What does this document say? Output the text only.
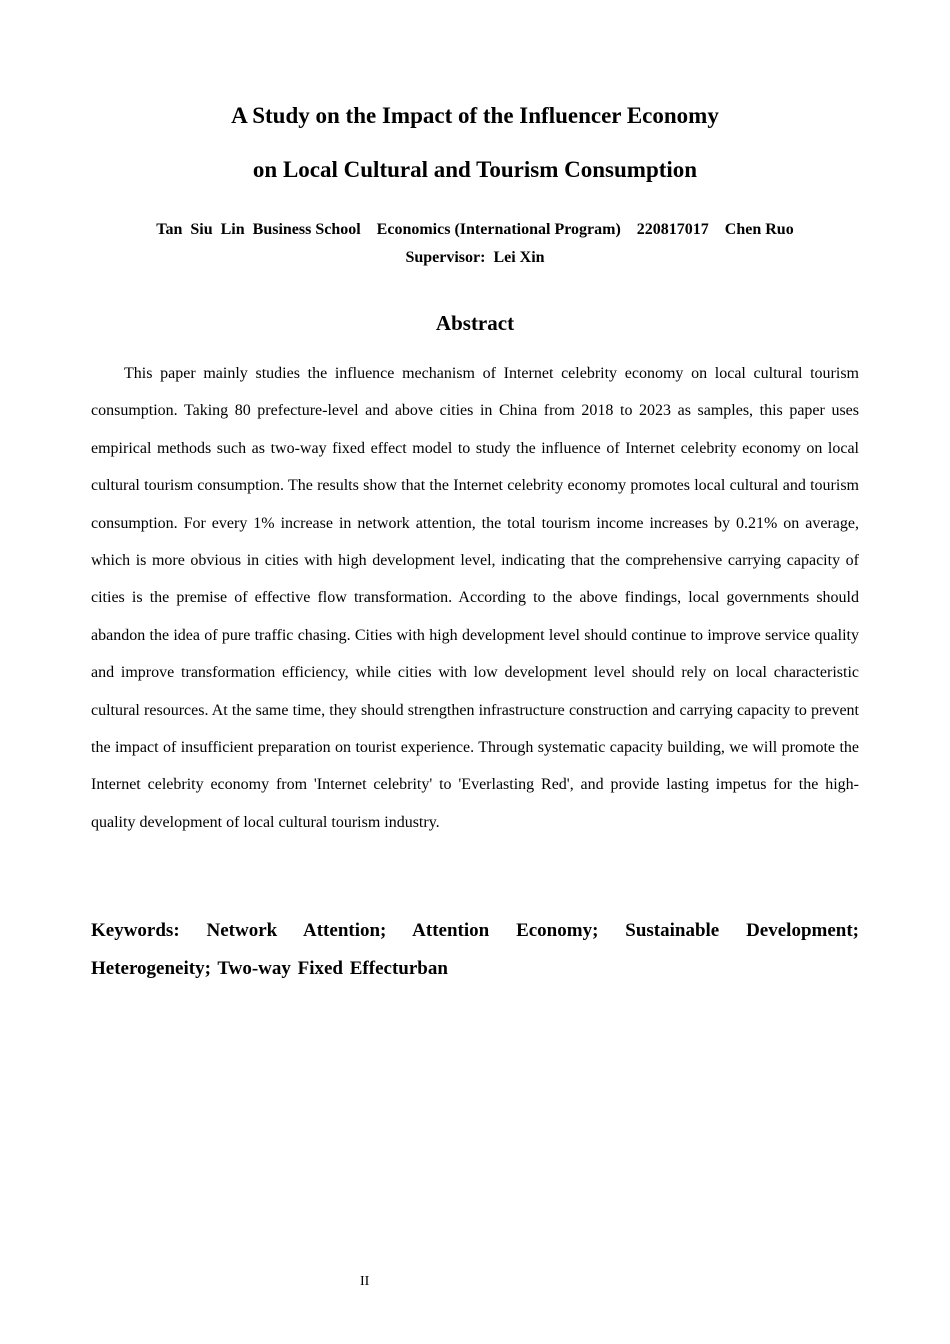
A Study on the Impact of the Influencer Economy
on Local Cultural and Tourism Consumption
Tan  Siu  Lin  Business School    Economics (International Program)    220817017    Chen Ruo
Supervisor:  Lei Xin
Abstract

This paper mainly studies the influence mechanism of Internet celebrity economy on local cultural tourism consumption. Taking 80 prefecture-level and above cities in China from 2018 to 2023 as samples, this paper uses empirical methods such as two-way fixed effect model to study the influence of Internet celebrity economy on local cultural tourism consumption. The results show that the Internet celebrity economy promotes local cultural and tourism consumption. For every 1% increase in network attention, the total tourism income increases by 0.21% on average, which is more obvious in cities with high development level, indicating that the comprehensive carrying capacity of cities is the premise of effective flow transformation. According to the above findings, local governments should abandon the idea of pure traffic chasing. Cities with high development level should continue to improve service quality and improve transformation efficiency, while cities with low development level should rely on local characteristic cultural resources. At the same time, they should strengthen infrastructure construction and carrying capacity to prevent the impact of insufficient preparation on tourist experience. Through systematic capacity building, we will promote the Internet celebrity economy from 'Internet celebrity' to 'Everlasting Red', and provide lasting impetus for the high-quality development of local cultural tourism industry.

Keywords: Network Attention; Attention Economy; Sustainable Development; Heterogeneity; Two-way Fixed Effecturban

II
